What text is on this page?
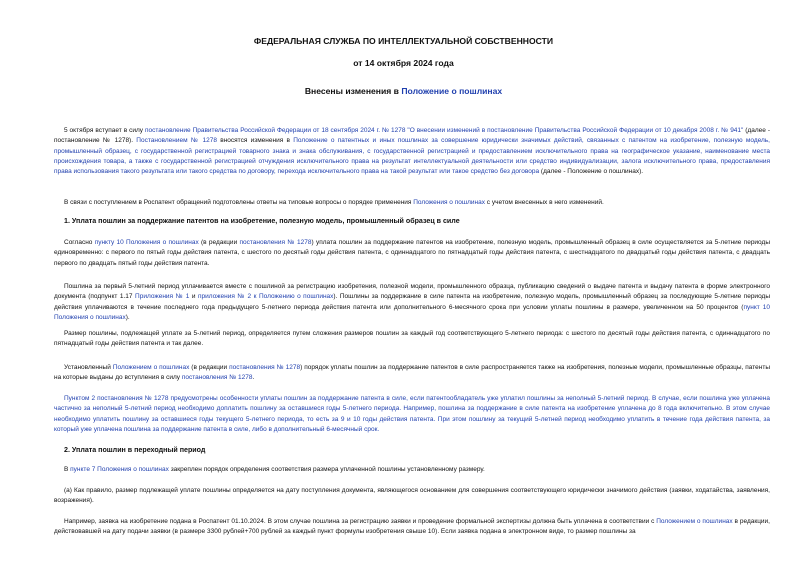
ФЕДЕРАЛЬНАЯ СЛУЖБА ПО ИНТЕЛЛЕКТУАЛЬНОЙ СОБСТВЕННОСТИ
от 14 октября 2024 года
Внесены изменения в Положение о пошлинах

5 октября вступает в силу постановление Правительства Российской Федерации от 18 сентября 2024 г. № 1278 "О внесении изменений в постановление Правительства Российской Федерации от 10 декабря 2008 г. № 941" (далее - постановление № 1278). Постановлением № 1278 вносятся изменения в Положение о патентных и иных пошлинах за совершение юридически значимых действий, связанных с патентом на изобретение, полезную модель, промышленный образец, с государственной регистрацией товарного знака и знака обслуживания, с государственной регистрацией и предоставлением исключительного права на географическое указание, наименование места происхождения товара, а также с государственной регистрацией отчуждения исключительного права на результат интеллектуальной деятельности или средство индивидуализации, залога исключительного права, предоставления права использования такого результата или такого средства по договору, перехода исключительного права на такой результат или такое средство без договора (далее - Положение о пошлинах).

В связи с поступлением в Роспатент обращений подготовлены ответы на типовые вопросы о порядке применения Положения о пошлинах с учетом внесенных в него изменений.

1. Уплата пошлин за поддержание патентов на изобретение, полезную модель, промышленный образец в силе

Согласно пункту 10 Положения о пошлинах (в редакции постановления № 1278) уплата пошлин за поддержание патентов на изобретение, полезную модель, промышленный образец в силе осуществляется за 5-летние периоды единовременно: с первого по пятый годы действия патента, с шестого по десятый годы действия патента, с одиннадцатого по пятнадцатый годы действия патента, с шестнадцатого по двадцатый годы действия патента, с двадцать первого по двадцать пятый годы действия патента.

Пошлина за первый 5-летний период уплачивается вместе с пошлиной за регистрацию изобретения, полезной модели, промышленного образца, публикацию сведений о выдаче патента и выдачу патента в форме электронного документа (подпункт 1.17 Приложения № 1 и приложения № 2 к Положению о пошлинах). Пошлины за поддержание в силе патента на изобретение, полезную модель, промышленный образец за последующие 5-летние периоды действия уплачиваются в течение последнего года предыдущего 5-летнего периода действия патента или дополнительного 6-месячного срока при условии уплаты пошлины в размере, увеличенном на 50 процентов (пункт 10 Положения о пошлинах).

Размер пошлины, подлежащей уплате за 5-летний период, определяется путем сложения размеров пошлин за каждый год соответствующего 5-летнего периода: с шестого по десятый годы действия патента, с одиннадцатого по пятнадцатый годы действия патента и так далее.

Установленный Положением о пошлинах (в редакции постановления № 1278) порядок уплаты пошлин за поддержание патентов в силе распространяется также на изобретения, полезные модели, промышленные образцы, патенты на которые выданы до вступления в силу постановления № 1278.

Пунктом 2 постановления № 1278 предусмотрены особенности уплаты пошлин за поддержание патента в силе, если патентообладатель уже уплатил пошлины за неполный 5-летний период. В случае, если пошлина уже уплачена частично за неполный 5-летний период необходимо доплатить пошлину за оставшиеся годы 5-летнего периода. Например, пошлина за поддержание в силе патента на изобретение уплачена до 8 года включительно. В этом случае необходимо уплатить пошлину за оставшиеся годы текущего 5-летнего периода, то есть за 9 и 10 годы действия патента. При этом пошлину за текущий 5-летней период необходимо уплатить в течение года действия патента, за который уже уплачена пошлина за поддержание патента в силе, либо в дополнительный 6-месячный срок.

2. Уплата пошлин в переходный период

В пункте 7 Положения о пошлинах закреплен порядок определения соответствия размера уплаченной пошлины установленному размеру.

(а) Как правило, размер подлежащей уплате пошлины определяется на дату поступления документа, являющегося основанием для совершения соответствующего юридически значимого действия (заявки, ходатайства, заявления, возражения).

Например, заявка на изобретение подана в Роспатент 01.10.2024. В этом случае пошлина за регистрацию заявки и проведение формальной экспертизы должна быть уплачена в соответствии с Положением о пошлинах в редакции, действовавшей на дату подачи заявки (в размере 3300 рублей+700 рублей за каждый пункт формулы изобретения свыше 10). Если заявка подана в электронном виде, то размер пошлины за
